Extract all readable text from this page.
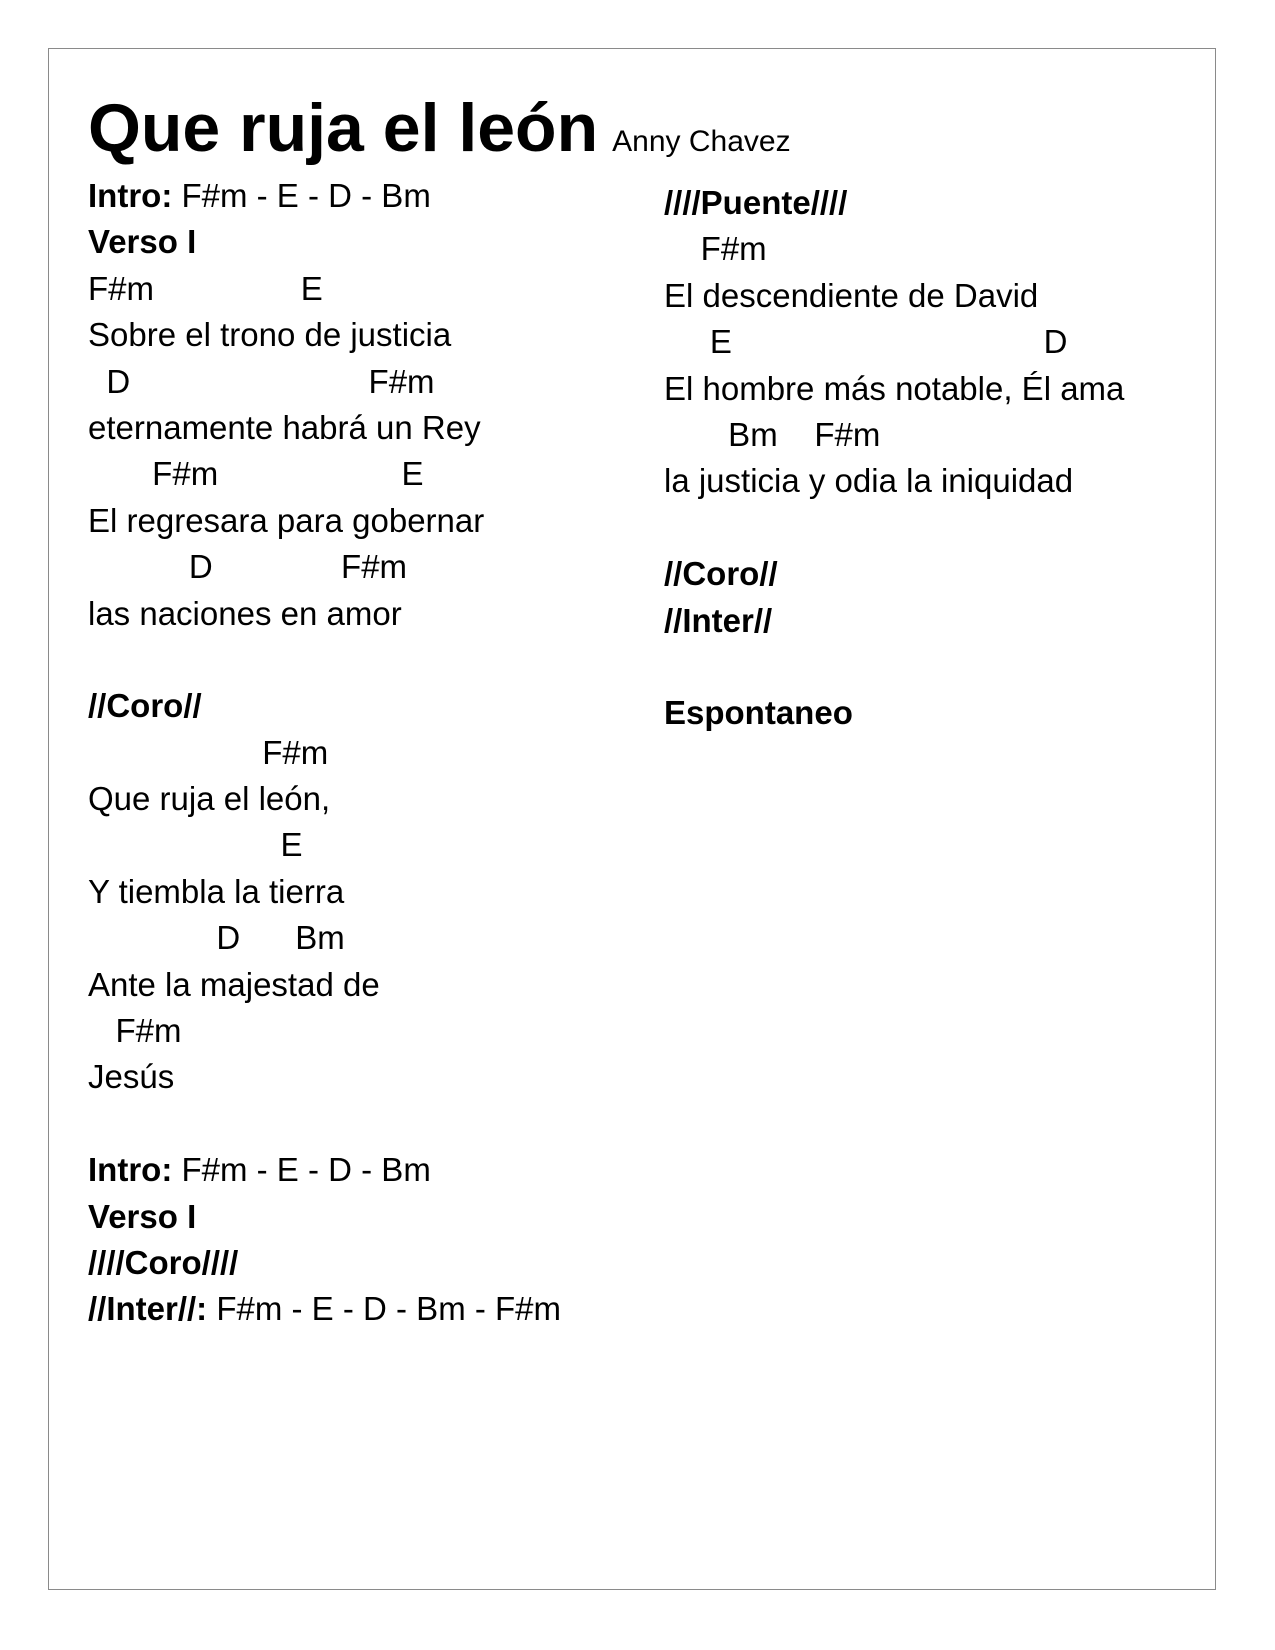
Que ruja el león Anny Chavez
Intro: F#m - E - D - Bm
Verso I
F#m                E
Sobre el trono de justicia
D                          F#m
eternamente habrá un Rey
F#m                    E
El regresara para gobernar
D              F#m
las naciones en amor
//Coro//
F#m
Que ruja el león,
E
Y tiembla la tierra
D      Bm
Ante la majestad de
F#m
Jesús
Intro: F#m - E - D - Bm
Verso I
////Coro////
//Inter//: F#m - E - D - Bm - F#m
////Puente////
F#m
El descendiente de David
E                                  D
El hombre más notable, Él ama
Bm    F#m
la justicia y odia la iniquidad
//Coro//
//Inter//
Espontaneo
